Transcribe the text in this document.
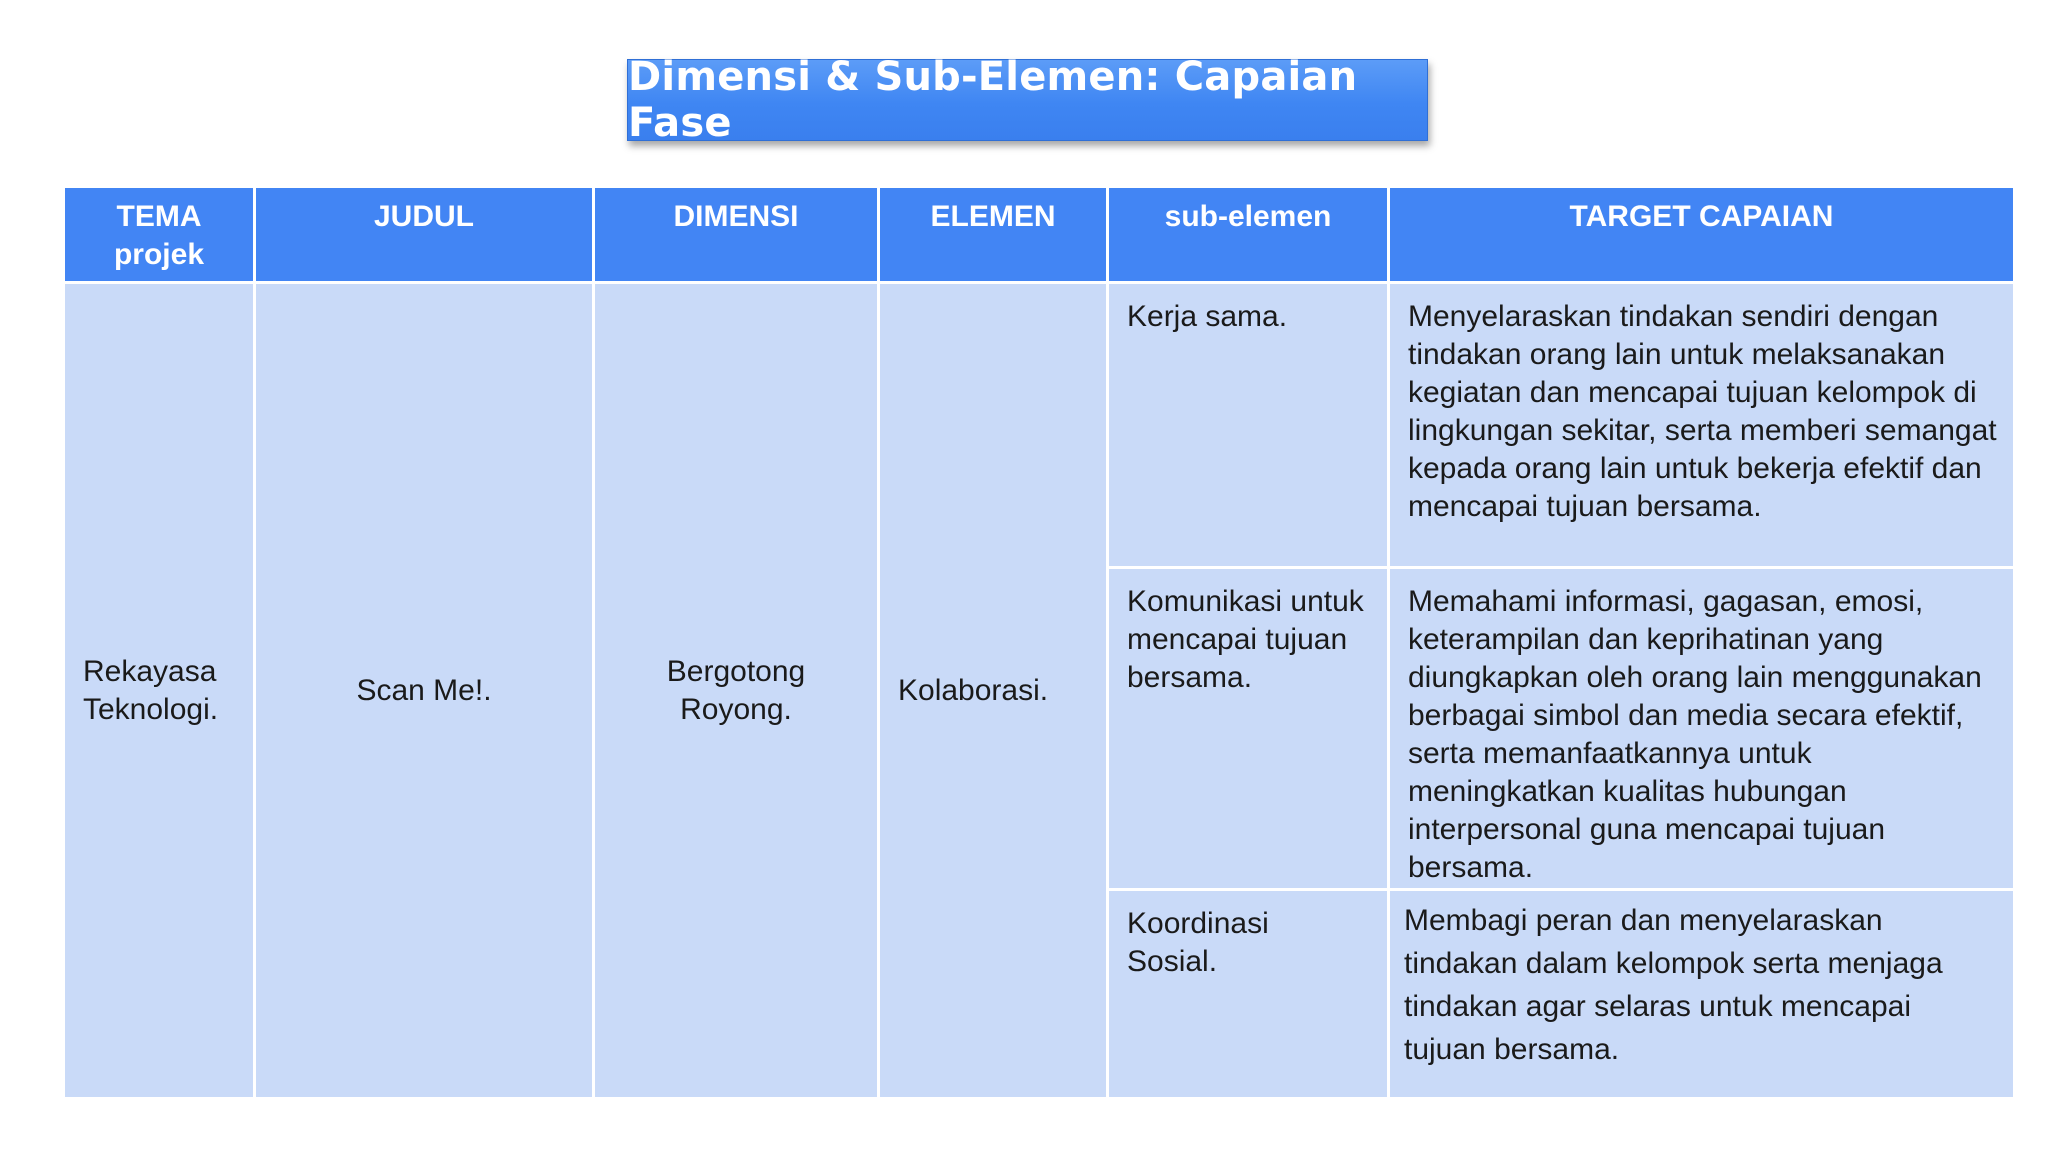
Dimensi & Sub-Elemen: Capaian Fase
TEMA projek	JUDUL	DIMENSI	ELEMEN	sub-elemen	TARGET CAPAIAN
Rekayasa Teknologi.	Scan Me!.	Bergotong Royong.	Kolaborasi.	Kerja sama.	Menyelaraskan tindakan sendiri dengan tindakan orang lain untuk melaksanakan kegiatan dan mencapai tujuan kelompok di lingkungan sekitar, serta memberi semangat kepada orang lain untuk bekerja efektif dan mencapai tujuan bersama.
				Komunikasi untuk mencapai tujuan bersama.	Memahami informasi, gagasan, emosi, keterampilan dan keprihatinan yang diungkapkan oleh orang lain menggunakan berbagai simbol dan media secara efektif, serta memanfaatkannya untuk meningkatkan kualitas hubungan interpersonal guna mencapai tujuan bersama.
				Koordinasi Sosial.	Membagi peran dan menyelaraskan tindakan dalam kelompok serta menjaga tindakan agar selaras untuk mencapai tujuan bersama.
